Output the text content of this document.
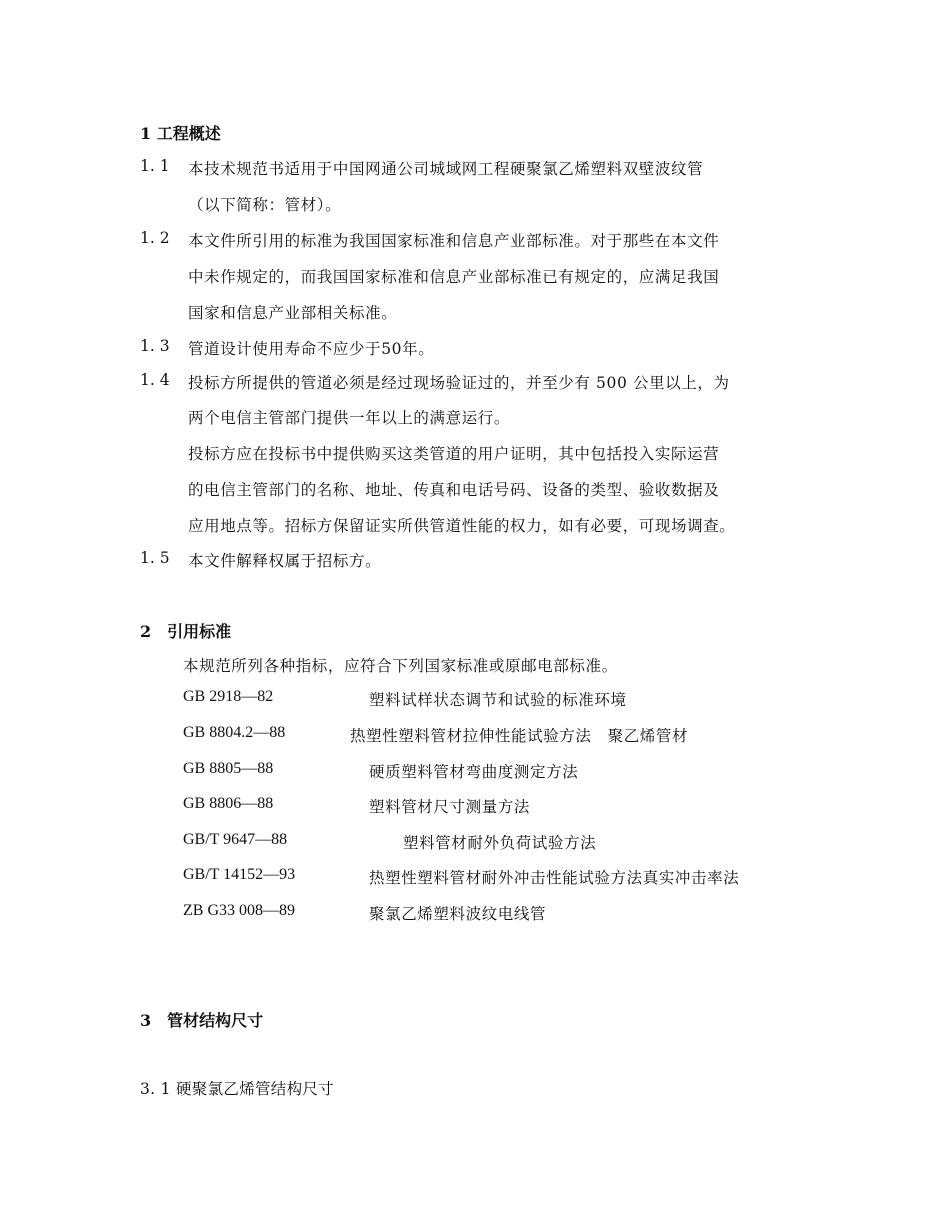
1 工程概述
1. 1 本技术规范书适用于中国网通公司城域网工程硬聚氯乙烯塑料双壁波纹管
（以下简称：管材）。
1. 2 本文件所引用的标准为我国国家标准和信息产业部标准。对于那些在本文件
中未作规定的，而我国国家标准和信息产业部标准已有规定的，应满足我国
国家和信息产业部相关标准。
1. 3 管道设计使用寿命不应少于50年。
1. 4 投标方所提供的管道必须是经过现场验证过的，并至少有 500 公里以上，为
两个电信主管部门提供一年以上的满意运行。
投标方应在投标书中提供购买这类管道的用户证明，其中包括投入实际运营
的电信主管部门的名称、地址、传真和电话号码、设备的类型、验收数据及
应用地点等。招标方保留证实所供管道性能的权力，如有必要，可现场调查。
1. 5 本文件解释权属于招标方。
2　引用标准
本规范所列各种指标，应符合下列国家标准或原邮电部标准。
GB 2918—82	塑料试样状态调节和试验的标准环境
GB 8804.2—88	热塑性塑料管材拉伸性能试验方法　聚乙烯管材
GB 8805—88	硬质塑料管材弯曲度测定方法
GB 8806—88	塑料管材尺寸测量方法
GB/T 9647—88	塑料管材耐外负荷试验方法
GB/T 14152—93	热塑性塑料管材耐外冲击性能试验方法真实冲击率法
ZB G33 008—89	聚氯乙烯塑料波纹电线管
3　管材结构尺寸
3. 1 硬聚氯乙烯管结构尺寸
